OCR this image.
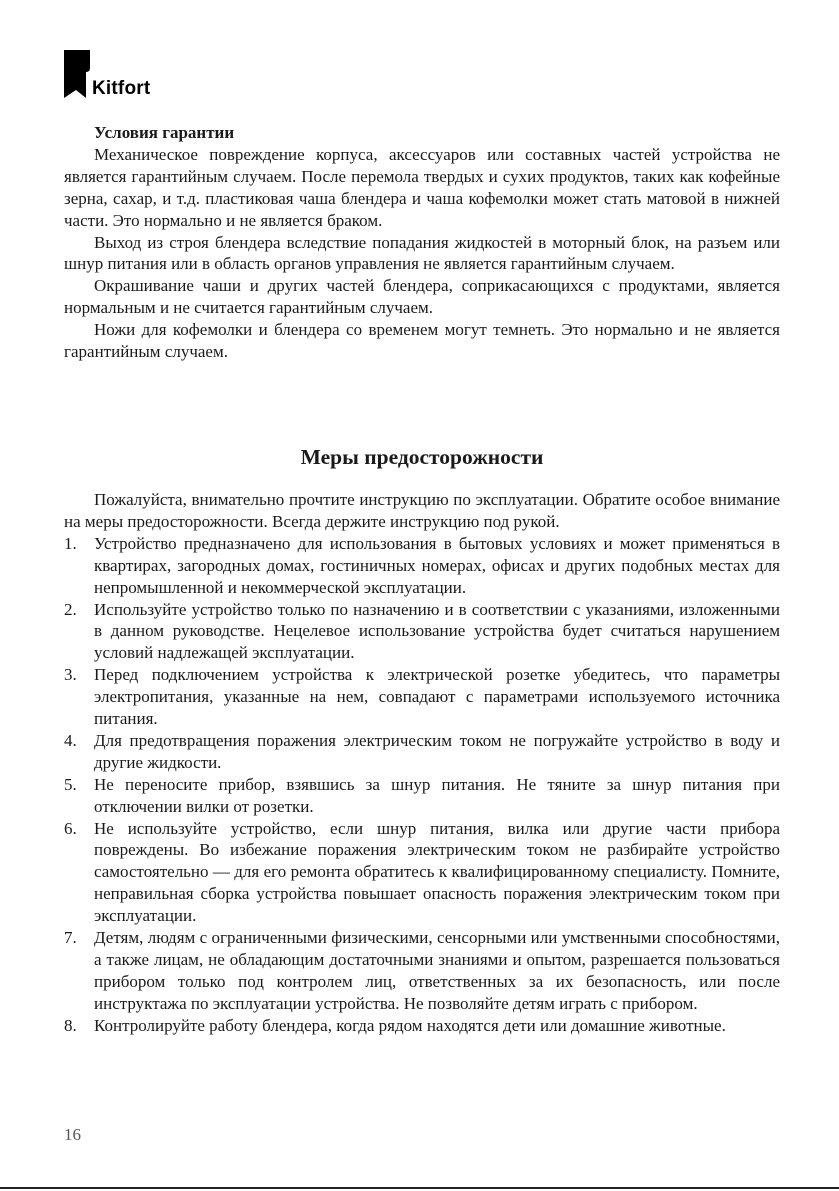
Kitfort
Условия гарантии

Механическое повреждение корпуса, аксессуаров или составных частей устройства не является гарантийным случаем. После перемола твердых и сухих продуктов, таких как кофейные зерна, сахар, и т.д. пластиковая чаша блендера и чаша кофемолки может стать матовой в нижней части. Это нормально и не является браком.

Выход из строя блендера вследствие попадания жидкостей в моторный блок, на разъем или шнур питания или в область органов управления не является гарантийным случаем.

Окрашивание чаши и других частей блендера, соприкасающихся с продуктами, является нормальным и не считается гарантийным случаем.

Ножи для кофемолки и блендера со временем могут темнеть. Это нормально и не является гарантийным случаем.

Меры предосторожности

Пожалуйста, внимательно прочтите инструкцию по эксплуатации. Обратите особое внимание на меры предосторожности. Всегда держите инструкцию под рукой.

1. Устройство предназначено для использования в бытовых условиях и может применяться в квартирах, загородных домах, гостиничных номерах, офисах и других подобных местах для непромышленной и некоммерческой эксплуатации.
2. Используйте устройство только по назначению и в соответствии с указаниями, изложенными в данном руководстве. Нецелевое использование устройства будет считаться нарушением условий надлежащей эксплуатации.
3. Перед подключением устройства к электрической розетке убедитесь, что параметры электропитания, указанные на нем, совпадают с параметрами используемого источника питания.
4. Для предотвращения поражения электрическим током не погружайте устройство в воду и другие жидкости.
5. Не переносите прибор, взявшись за шнур питания. Не тяните за шнур питания при отключении вилки от розетки.
6. Не используйте устройство, если шнур питания, вилка или другие части прибора повреждены. Во избежание поражения электрическим током не разбирайте устройство самостоятельно — для его ремонта обратитесь к квалифицированному специалисту. Помните, неправильная сборка устройства повышает опасность поражения электрическим током при эксплуатации.
7. Детям, людям с ограниченными физическими, сенсорными или умственными способностями, а также лицам, не обладающим достаточными знаниями и опытом, разрешается пользоваться прибором только под контролем лиц, ответственных за их безопасность, или после инструктажа по эксплуатации устройства. Не позволяйте детям играть с прибором.
8. Контролируйте работу блендера, когда рядом находятся дети или домашние животные.
16
